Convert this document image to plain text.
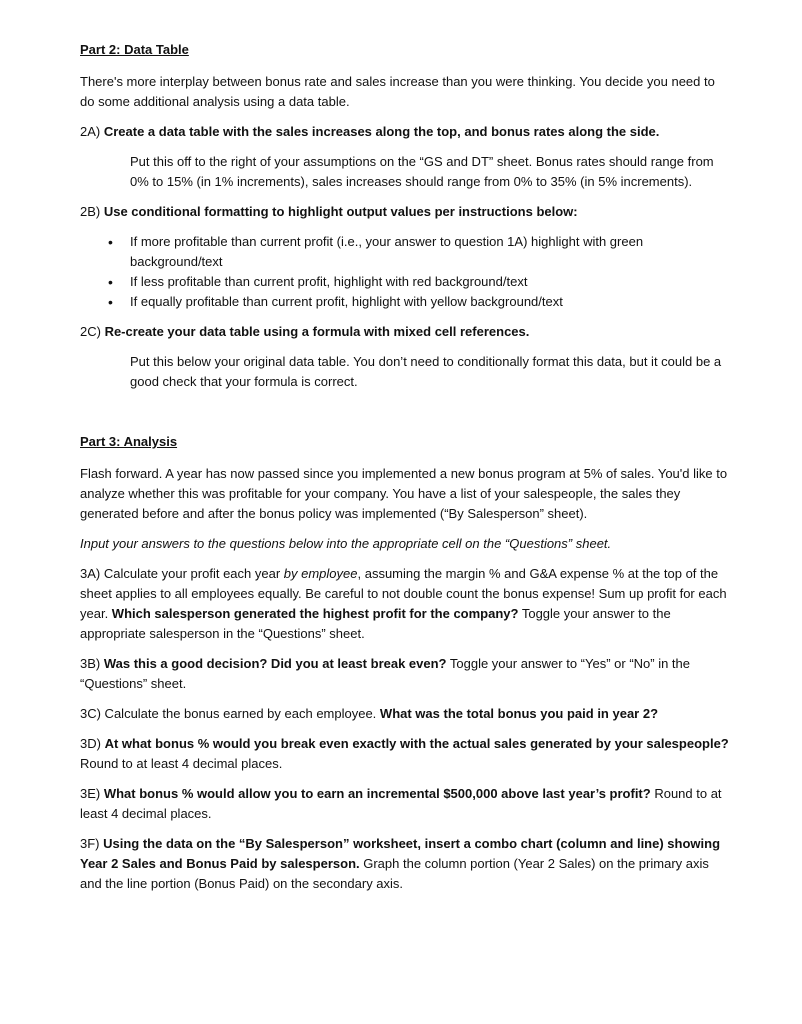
Part 2: Data Table

There's more interplay between bonus rate and sales increase than you were thinking. You decide you need to do some additional analysis using a data table.

2A) Create a data table with the sales increases along the top, and bonus rates along the side.

Put this off to the right of your assumptions on the “GS and DT” sheet. Bonus rates should range from 0% to 15% (in 1% increments), sales increases should range from 0% to 35% (in 5% increments).

2B) Use conditional formatting to highlight output values per instructions below:

• If more profitable than current profit (i.e., your answer to question 1A) highlight with green background/text
• If less profitable than current profit, highlight with red background/text
• If equally profitable than current profit, highlight with yellow background/text

2C) Re-create your data table using a formula with mixed cell references.

Put this below your original data table. You don’t need to conditionally format this data, but it could be a good check that your formula is correct.

Part 3: Analysis

Flash forward. A year has now passed since you implemented a new bonus program at 5% of sales. You'd like to analyze whether this was profitable for your company. You have a list of your salespeople, the sales they generated before and after the bonus policy was implemented (“By Salesperson” sheet).

Input your answers to the questions below into the appropriate cell on the “Questions” sheet.

3A) Calculate your profit each year by employee, assuming the margin % and G&A expense % at the top of the sheet applies to all employees equally. Be careful to not double count the bonus expense! Sum up profit for each year. Which salesperson generated the highest profit for the company? Toggle your answer to the appropriate salesperson in the “Questions” sheet.

3B) Was this a good decision? Did you at least break even? Toggle your answer to “Yes” or “No” in the “Questions” sheet.

3C) Calculate the bonus earned by each employee. What was the total bonus you paid in year 2?

3D) At what bonus % would you break even exactly with the actual sales generated by your salespeople? Round to at least 4 decimal places.

3E) What bonus % would allow you to earn an incremental $500,000 above last year’s profit? Round to at least 4 decimal places.

3F) Using the data on the “By Salesperson” worksheet, insert a combo chart (column and line) showing Year 2 Sales and Bonus Paid by salesperson. Graph the column portion (Year 2 Sales) on the primary axis and the line portion (Bonus Paid) on the secondary axis.
